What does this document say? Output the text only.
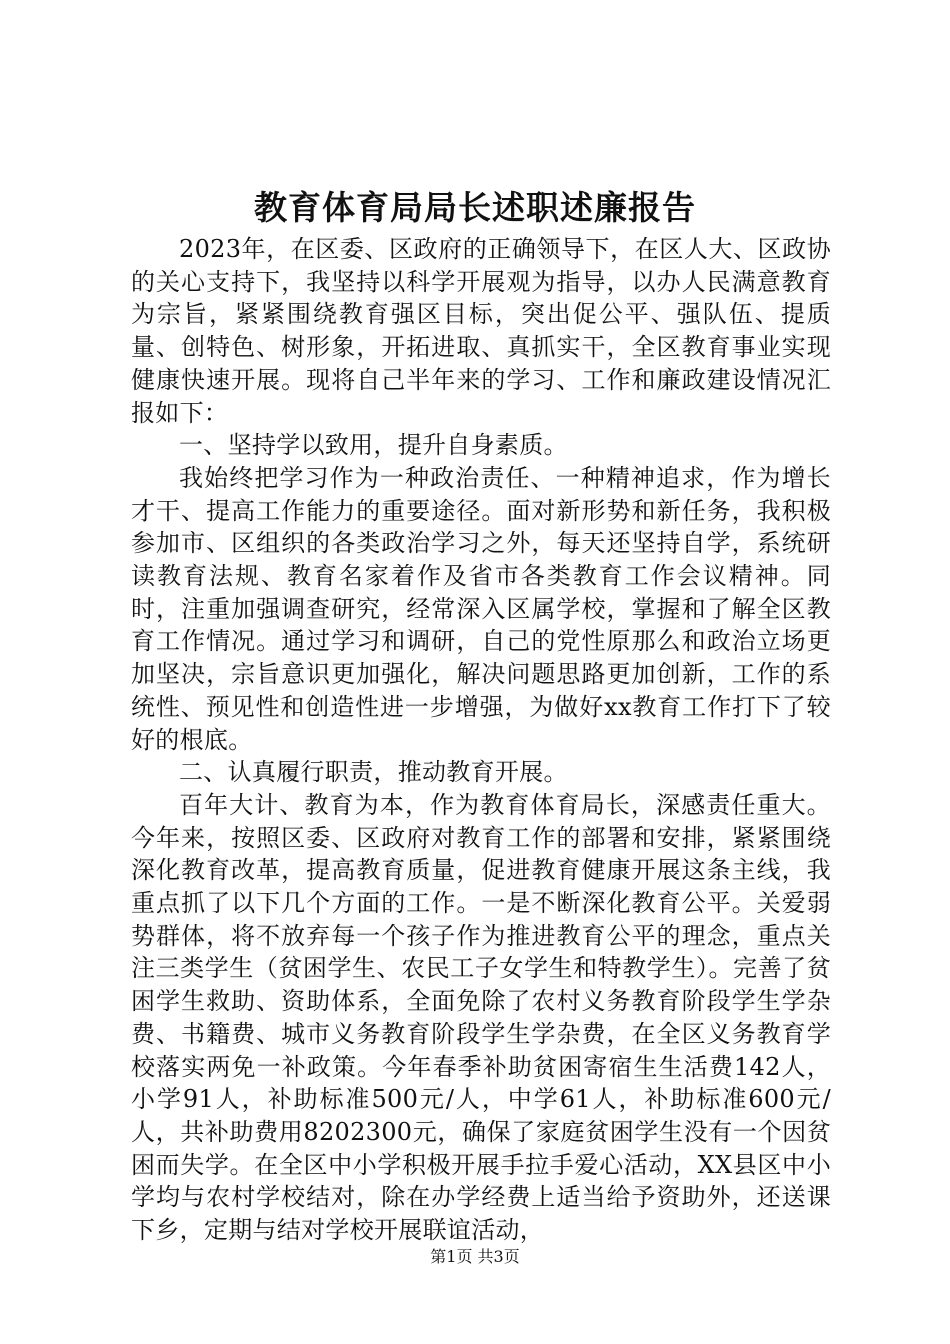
教育体育局局长述职述廉报告

2023年，在区委、区政府的正确领导下，在区人大、区政协的关心支持下，我坚持以科学开展观为指导，以办人民满意教育为宗旨，紧紧围绕教育强区目标，突出促公平、强队伍、提质量、创特色、树形象，开拓进取、真抓实干，全区教育事业实现健康快速开展。现将自己半年来的学习、工作和廉政建设情况汇报如下：

一、坚持学以致用，提升自身素质。

我始终把学习作为一种政治责任、一种精神追求，作为增长才干、提高工作能力的重要途径。面对新形势和新任务，我积极参加市、区组织的各类政治学习之外，每天还坚持自学，系统研读教育法规、教育名家着作及省市各类教育工作会议精神。同时，注重加强调查研究，经常深入区属学校，掌握和了解全区教育工作情况。通过学习和调研，自己的党性原那么和政治立场更加坚决，宗旨意识更加强化，解决问题思路更加创新，工作的系统性、预见性和创造性进一步增强，为做好xx教育工作打下了较好的根底。

二、认真履行职责，推动教育开展。

百年大计、教育为本，作为教育体育局长，深感责任重大。今年来，按照区委、区政府对教育工作的部署和安排，紧紧围绕深化教育改革，提高教育质量，促进教育健康开展这条主线，我重点抓了以下几个方面的工作。一是不断深化教育公平。关爱弱势群体，将不放弃每一个孩子作为推进教育公平的理念，重点关注三类学生（贫困学生、农民工子女学生和特教学生）。完善了贫困学生救助、资助体系，全面免除了农村义务教育阶段学生学杂费、书籍费、城市义务教育阶段学生学杂费，在全区义务教育学校落实两免一补政策。今年春季补助贫困寄宿生生活费142人，小学91人，补助标准500元/人，中学61人，补助标准600元/人，共补助费用8202300元，确保了家庭贫困学生没有一个因贫困而失学。在全区中小学积极开展手拉手爱心活动，XX县区中小学均与农村学校结对，除在办学经费上适当给予资助外，还送课下乡，定期与结对学校开展联谊活动，

第1页 共3页
